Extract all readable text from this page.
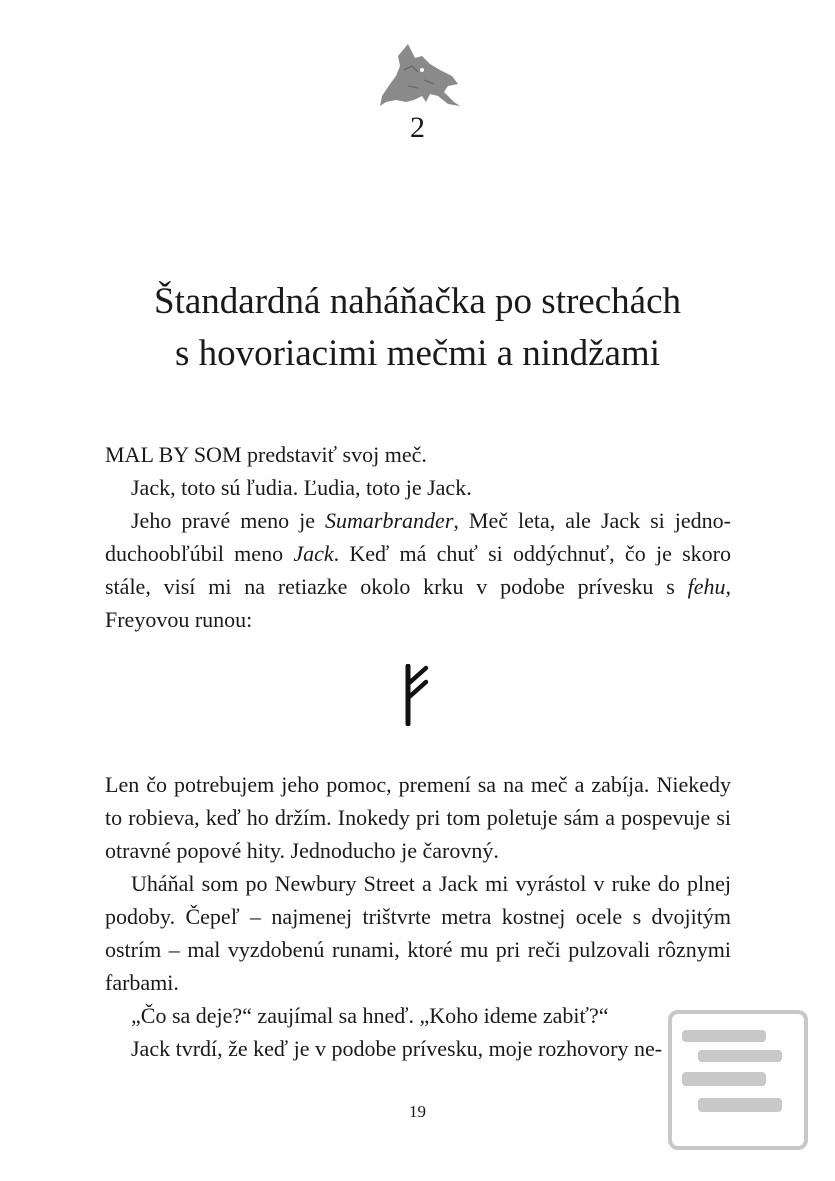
2
Štandardná naháňačka po strechách
s hovoriacimi mečmi a nindžami

MAL BY SOM predstaviť svoj meč.

Jack, toto sú ľudia. Ľudia, toto je Jack.

Jeho pravé meno je Sumarbrander, Meč leta, ale Jack si jedno-duchoobľúbil meno Jack. Keď má chuť si oddýchnuť, čo je skoro stále, visí mi na retiazke okolo krku v podobe prívesku s fehu, Freyovou runou:

Len čo potrebujem jeho pomoc, premení sa na meč a zabíja. Niekedy to robieva, keď ho držím. Inokedy pri tom poletuje sám a pospevuje si otravné popové hity. Jednoducho je čarovný.

Uháňal som po Newbury Street a Jack mi vyrástol v ruke do plnej podoby. Čepeľ – najmenej trištvrte metra kostnej ocele s dvojitým ostrím – mal vyzdobenú runami, ktoré mu pri reči pulzovali rôznymi farbami.

„Čo sa deje?“ zaujímal sa hneď. „Koho ideme zabiť?“

Jack tvrdí, že keď je v podobe prívesku, moje rozhovory ne-

19
